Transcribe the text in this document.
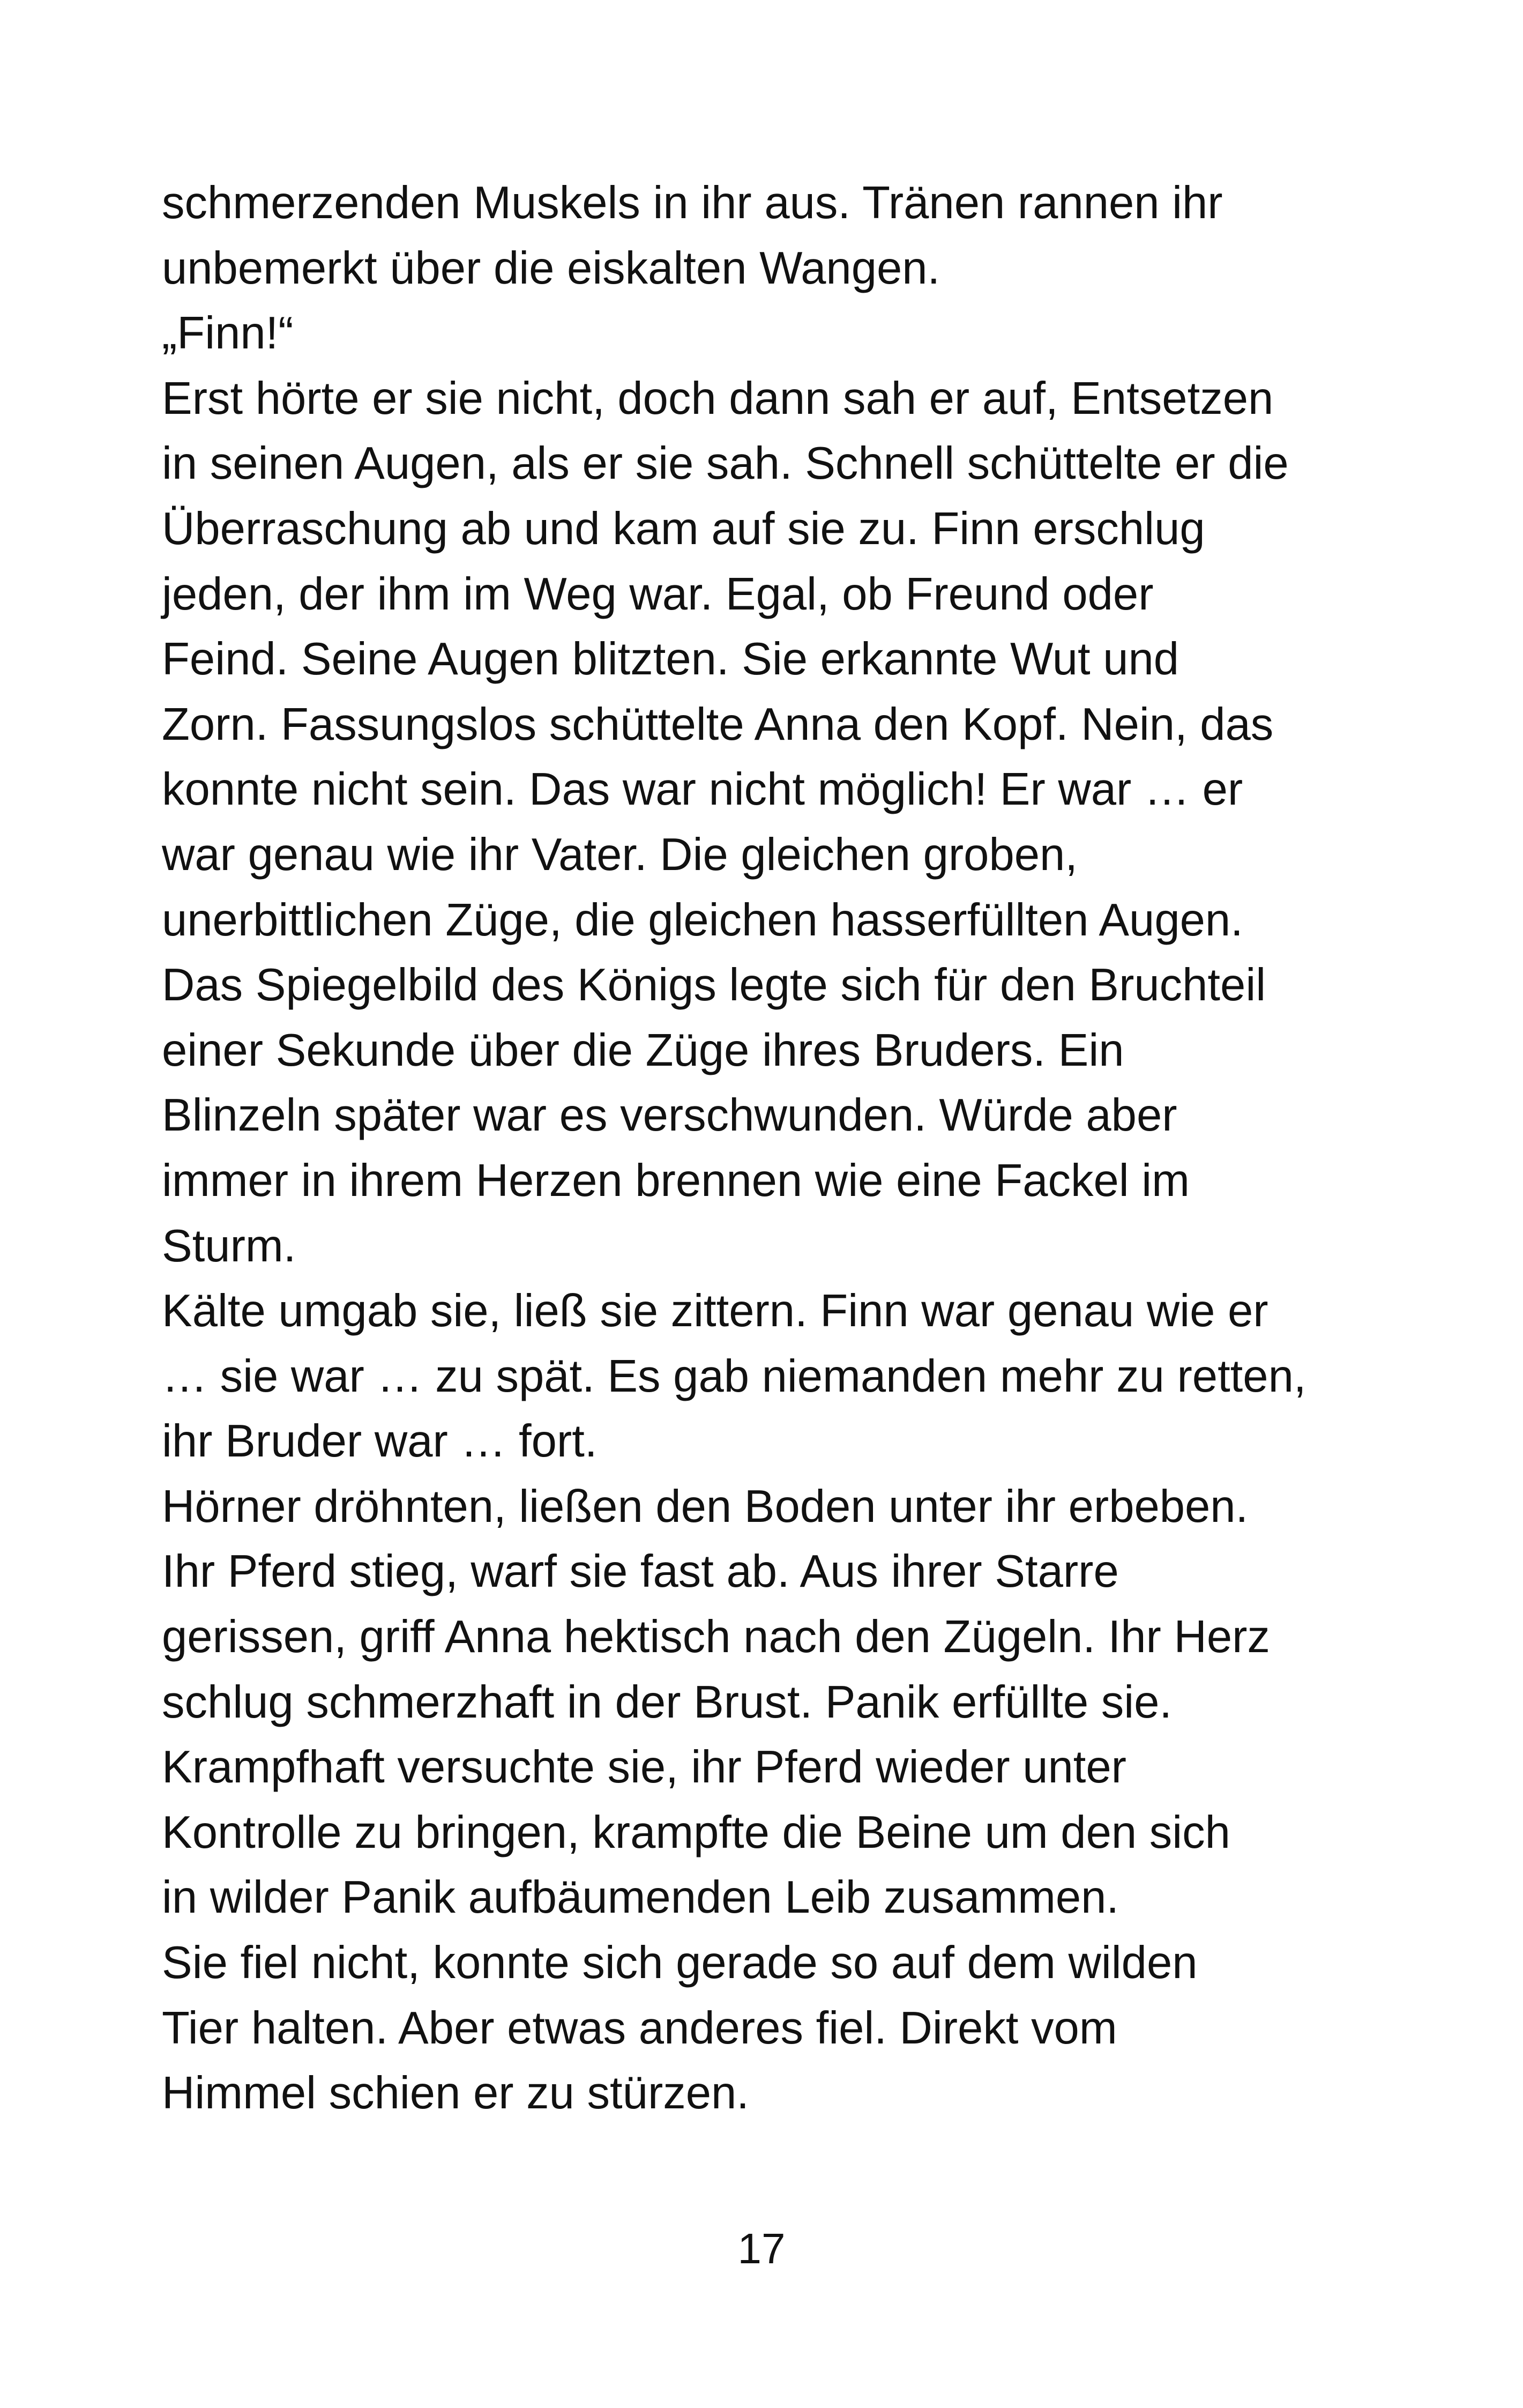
schmerzenden Muskels in ihr aus. Tränen rannen ihr
unbemerkt über die eiskalten Wangen.
„Finn!“
Erst hörte er sie nicht, doch dann sah er auf, Entsetzen
in seinen Augen, als er sie sah. Schnell schüttelte er die
Überraschung ab und kam auf sie zu. Finn erschlug
jeden, der ihm im Weg war. Egal, ob Freund oder
Feind. Seine Augen blitzten. Sie erkannte Wut und
Zorn. Fassungslos schüttelte Anna den Kopf. Nein, das
konnte nicht sein. Das war nicht möglich! Er war … er
war genau wie ihr Vater. Die gleichen groben,
unerbittlichen Züge, die gleichen hasserfüllten Augen.
Das Spiegelbild des Königs legte sich für den Bruchteil
einer Sekunde über die Züge ihres Bruders. Ein
Blinzeln später war es verschwunden. Würde aber
immer in ihrem Herzen brennen wie eine Fackel im
Sturm.
Kälte umgab sie, ließ sie zittern. Finn war genau wie er
… sie war … zu spät. Es gab niemanden mehr zu retten,
ihr Bruder war … fort.
Hörner dröhnten, ließen den Boden unter ihr erbeben.
Ihr Pferd stieg, warf sie fast ab. Aus ihrer Starre
gerissen, griff Anna hektisch nach den Zügeln. Ihr Herz
schlug schmerzhaft in der Brust. Panik erfüllte sie.
Krampfhaft versuchte sie, ihr Pferd wieder unter
Kontrolle zu bringen, krampfte die Beine um den sich
in wilder Panik aufbäumenden Leib zusammen.
Sie fiel nicht, konnte sich gerade so auf dem wilden
Tier halten. Aber etwas anderes fiel. Direkt vom
Himmel schien er zu stürzen.
17
